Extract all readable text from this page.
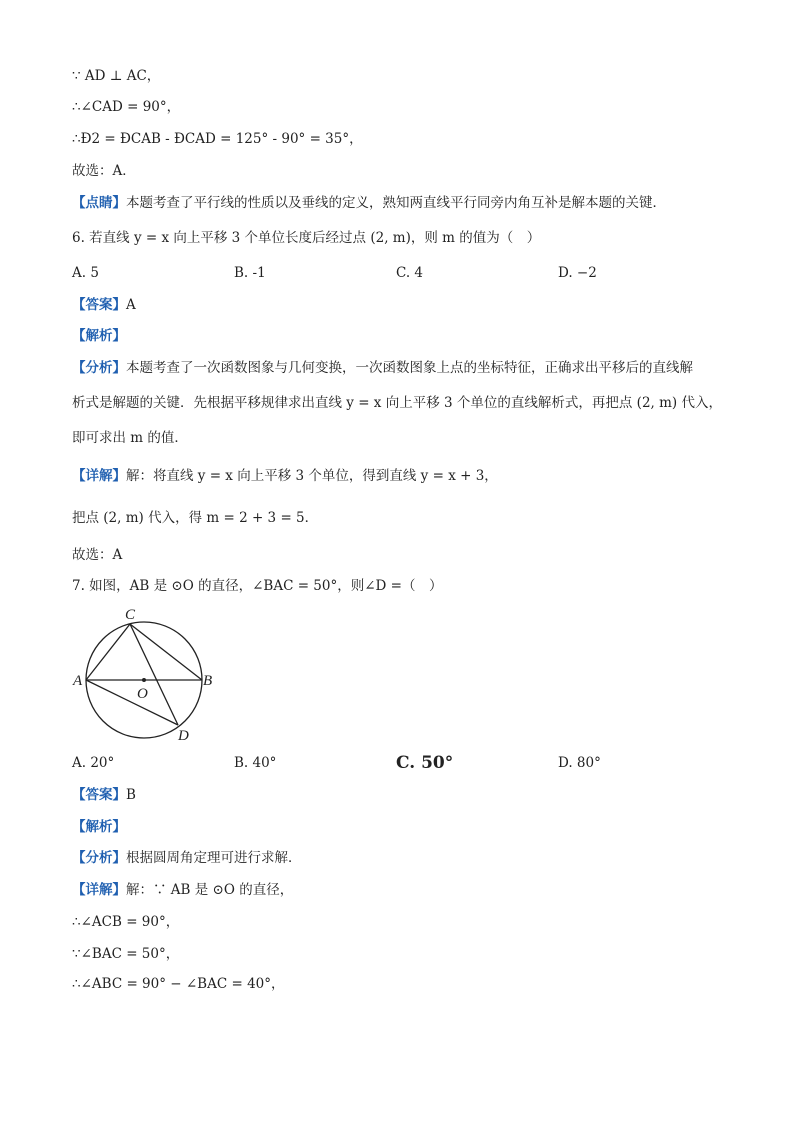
∵ AD ⊥ AC，
∴∠CAD = 90°，
∴Ð2 = ÐCAB - ÐCAD = 125° - 90° = 35°，
故选：A．
【点睛】本题考查了平行线的性质以及垂线的定义，熟知两直线平行同旁内角互补是解本题的关键．
6. 若直线 y = x 向上平移 3 个单位长度后经过点 (2, m)，则 m 的值为（　）
A. 5	B. -1	C. 4	D. −2
【答案】A
【解析】
【分析】本题考查了一次函数图象与几何变换，一次函数图象上点的坐标特征，正确求出平移后的直线解
析式是解题的关键．先根据平移规律求出直线 y = x 向上平移 3 个单位的直线解析式，再把点 (2, m) 代入，
即可求出 m 的值．
【详解】解：将直线 y = x 向上平移 3 个单位，得到直线 y = x + 3，
把点 (2, m) 代入，得 m = 2 + 3 = 5．
故选：A
7. 如图，AB 是 ⊙O 的直径，∠BAC = 50°，则∠D =（　）
C
A	B
O
D
A. 20°	B. 40°	C. 50°	D. 80°
【答案】B
【解析】
【分析】根据圆周角定理可进行求解．
【详解】解：∵ AB 是 ⊙O 的直径，
∴∠ACB = 90°，
∵∠BAC = 50°，
∴∠ABC = 90° − ∠BAC = 40°，
